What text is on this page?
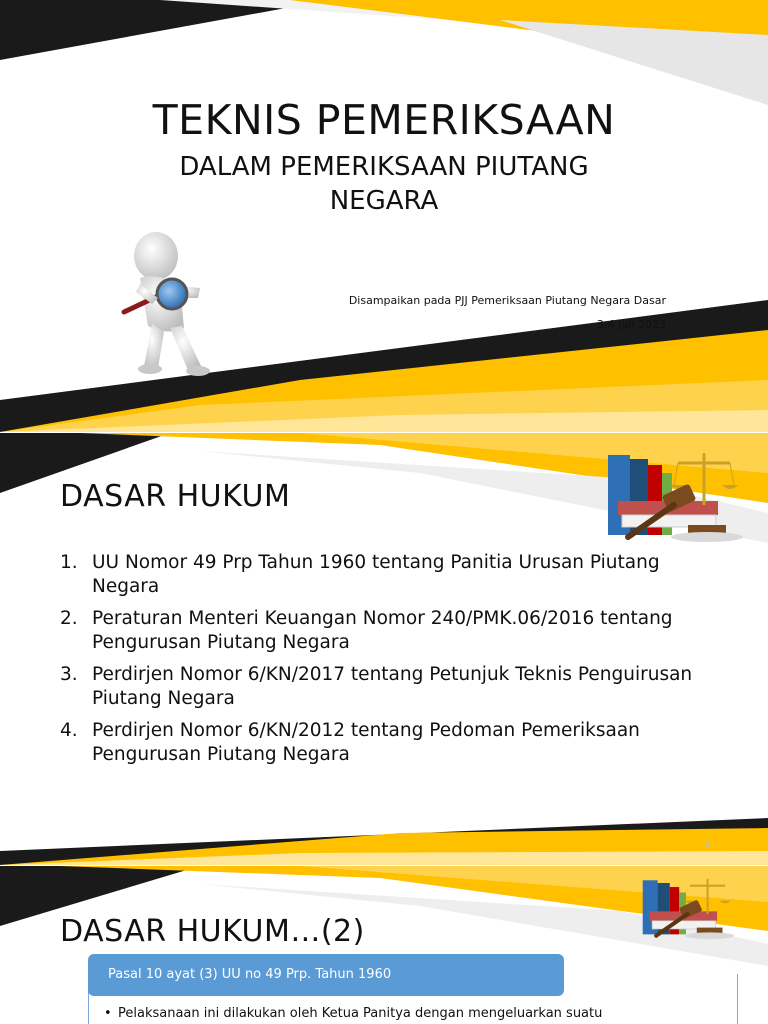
TEKNIS PEMERIKSAAN
DALAM PEMERIKSAAN PIUTANG NEGARA
Disampaikan pada PJJ Pemeriksaan Piutang Negara Dasar
3-4 Juii 2023
DASAR HUKUM
1. UU Nomor 49 Prp Tahun 1960 tentang Panitia Urusan Piutang Negara
2. Peraturan Menteri Keuangan Nomor 240/PMK.06/2016 tentang Pengurusan Piutang Negara
3. Perdirjen Nomor 6/KN/2017 tentang Petunjuk Teknis Penguirusan Piutang Negara
4. Perdirjen Nomor 6/KN/2012 tentang Pedoman Pemeriksaan Pengurusan Piutang Negara
2
DASAR HUKUM…(2)
Pasal 10 ayat (3) UU no 49 Prp. Tahun 1960
• Pelaksanaan ini dilakukan oleh Ketua Panitya dengan mengeluarkan suatu
